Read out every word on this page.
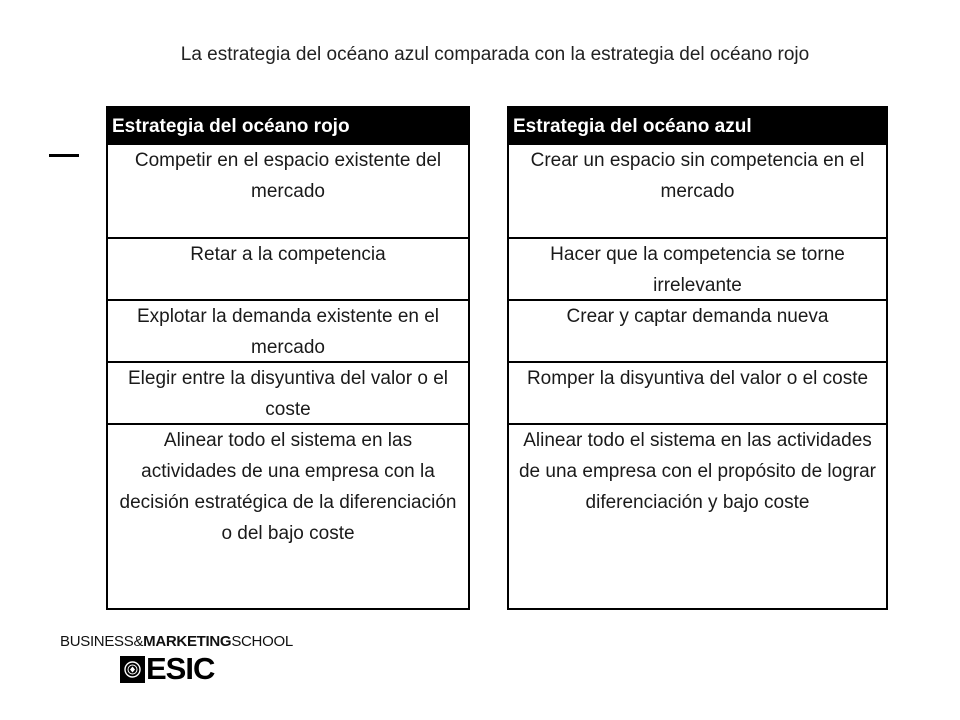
La estrategia del océano azul comparada con la estrategia del océano rojo
Estrategia del océano rojo
Competir en el espacio existente del mercado
Retar a la competencia
Explotar la demanda existente en el mercado
Elegir entre la disyuntiva del valor o el coste
Alinear todo el sistema en las actividades de una empresa con la decisión estratégica de la diferenciación o del bajo coste
Estrategia del océano azul
Crear un espacio sin competencia en el mercado
Hacer que la competencia se torne irrelevante
Crear y captar demanda nueva
Romper la disyuntiva del valor o el coste
Alinear todo el sistema en las actividades de una empresa con el propósito de lograr diferenciación y bajo coste
BUSINESS&MARKETINGSCHOOL
ESIC
